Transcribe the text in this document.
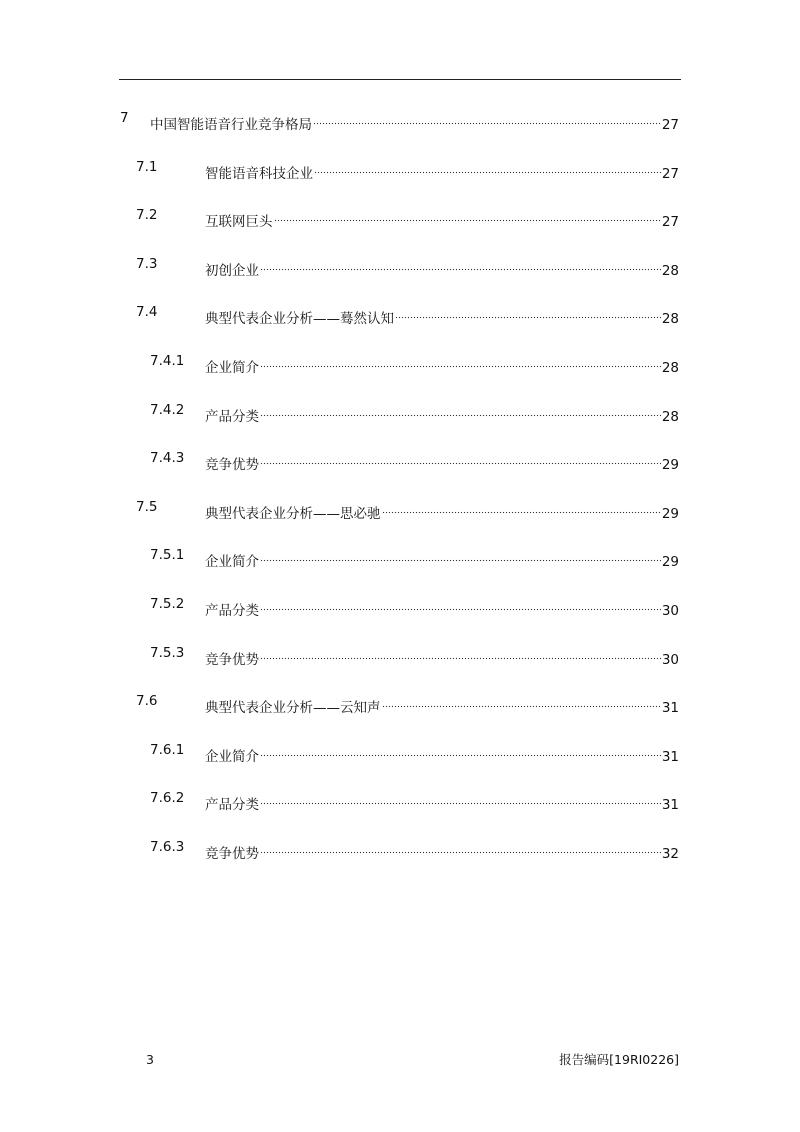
7 中国智能语音行业竞争格局	27
7.1	智能语音科技企业	27
7.2	互联网巨头	27
7.3	初创企业	28
7.4	典型代表企业分析——蓦然认知	28
7.4.1 企业简介	28
7.4.2 产品分类	28
7.4.3 竞争优势	29
7.5	典型代表企业分析——思必驰	29
7.5.1 企业简介	29
7.5.2 产品分类	30
7.5.3 竞争优势	30
7.6	典型代表企业分析——云知声	31
7.6.1 企业简介	31
7.6.2 产品分类	31
7.6.3 竞争优势	32
3	报告编码[19RI0226]
